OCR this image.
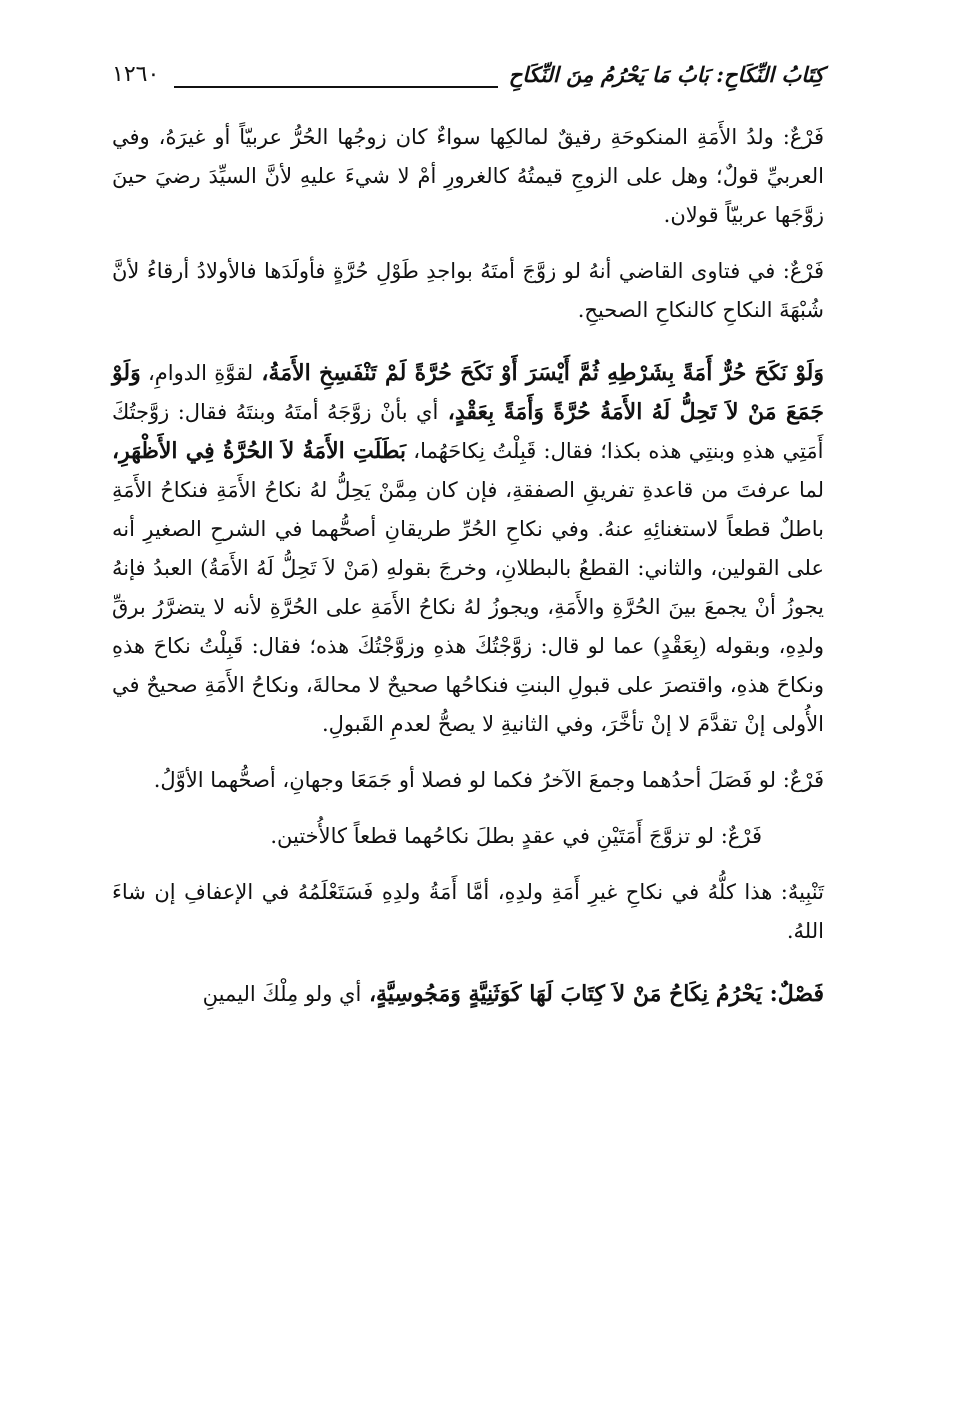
١٢٦٠	كِتَابُ النِّكَاحِ: بَابُ مَا يَحْرُمُ مِنَ النِّكَاحِ

فَرْعٌ: ولدُ الأَمَةِ المنكوحَةِ رقيقٌ لمالكِها سواءٌ كان زوجُها الحُرُّ عربيّاً أو غيرَهُ، وفي العربيِّ قولٌ؛ وهل على الزوجِ قيمتُهُ كالغرورِ أمْ لا شيءَ عليهِ لأنَّ السيِّدَ رضيَ حينَ زوَّجَها عربيّاً قولان.

فَرْعٌ: في فتاوى القاضي أنهُ لو زوَّجَ أمتَهُ بواجدِ طَوْلِ حُرَّةٍ فأولَدَها فالأولادُ أرقاءُ لأنَّ شُبْهَةَ النكاحِ كالنكاحِ الصحيحِ.

وَلَوْ نَكَحَ حُرٌّ أَمَةً بِشَرْطِهِ ثُمَّ أَيْسَرَ أَوْ نَكَحَ حُرَّةً لَمْ تَنْفَسِخِ الأَمَةُ، لقوَّةِ الدوامِ، وَلَوْ جَمَعَ مَنْ لاَ تَحِلُّ لَهُ الأَمَةُ حُرَّةً وَأَمَةً بِعَقْدٍ، أي بأنْ زوَّجَهُ أمتَهُ وبنتَهُ فقال: زوَّجتُكَ أَمَتِي هذهِ وبنتِي هذه بكذا؛ فقال: قَبِلْتُ نِكاحَهُما، بَطَلَتِ الأَمَةُ لاَ الحُرَّةُ فِي الأَظْهَرِ، لما عرفتَ من قاعدةِ تفريقِ الصفقةِ، فإن كان مِمَّنْ يَحِلُّ لهُ نكاحُ الأَمَةِ فنكاحُ الأَمَةِ باطلٌ قطعاً لاستغنائِهِ عنهُ. وفي نكاحِ الحُرِّ طريقانِ أصحُّهما في الشرحِ الصغيرِ أنه على القولين، والثاني: القطعُ بالبطلانِ، وخرجَ بقولهِ (مَنْ لاَ تَحِلُّ لَهُ الأَمَةُ) العبدُ فإنهُ يجوزُ أنْ يجمعَ بينَ الحُرَّةِ والأَمَةِ، ويجوزُ لهُ نكاحُ الأَمَةِ على الحُرَّةِ لأنه لا يتضرَّرُ برقِّ ولدِهِ، وبقوله (بِعَقْدٍ) عما لو قال: زوَّجْتُكَ هذهِ وزوَّجْتُكَ هذه؛ فقال: قَبِلْتُ نكاحَ هذهِ ونكاحَ هذهِ، واقتصرَ على قبولِ البنتِ فنكاحُها صحيحٌ لا محالةَ، ونكاحُ الأَمَةِ صحيحٌ في الأُولى إنْ تقدَّمَ لا إنْ تأخَّرَ، وفي الثانيةِ لا يصحُّ لعدمِ القَبولِ.

فَرْعٌ: لو فَصَلَ أحدُهما وجمعَ الآخرُ فكما لو فصلا أو جَمَعَا وجهانِ، أصحُّهما الأوَّلُ.

فَرْعٌ: لو تزوَّجَ أَمَتَيْنِ في عقدٍ بطلَ نكاحُهما قطعاً كالأُختين.

تَنْبِيهٌ: هذا كلُّهُ في نكاحِ غيرِ أَمَةِ ولدِهِ، أمَّا أَمَةُ ولدِهِ فَسَتَعْلَمُهُ في الإعفافِ إن شاءَ اللهُ.

فَصْلٌ: يَحْرُمُ نِكَاحُ مَنْ لاَ كِتَابَ لَهَا كَوَثَنِيَّةٍ وَمَجُوسِيَّةٍ، أي ولو مِلْكَ اليمينِ
